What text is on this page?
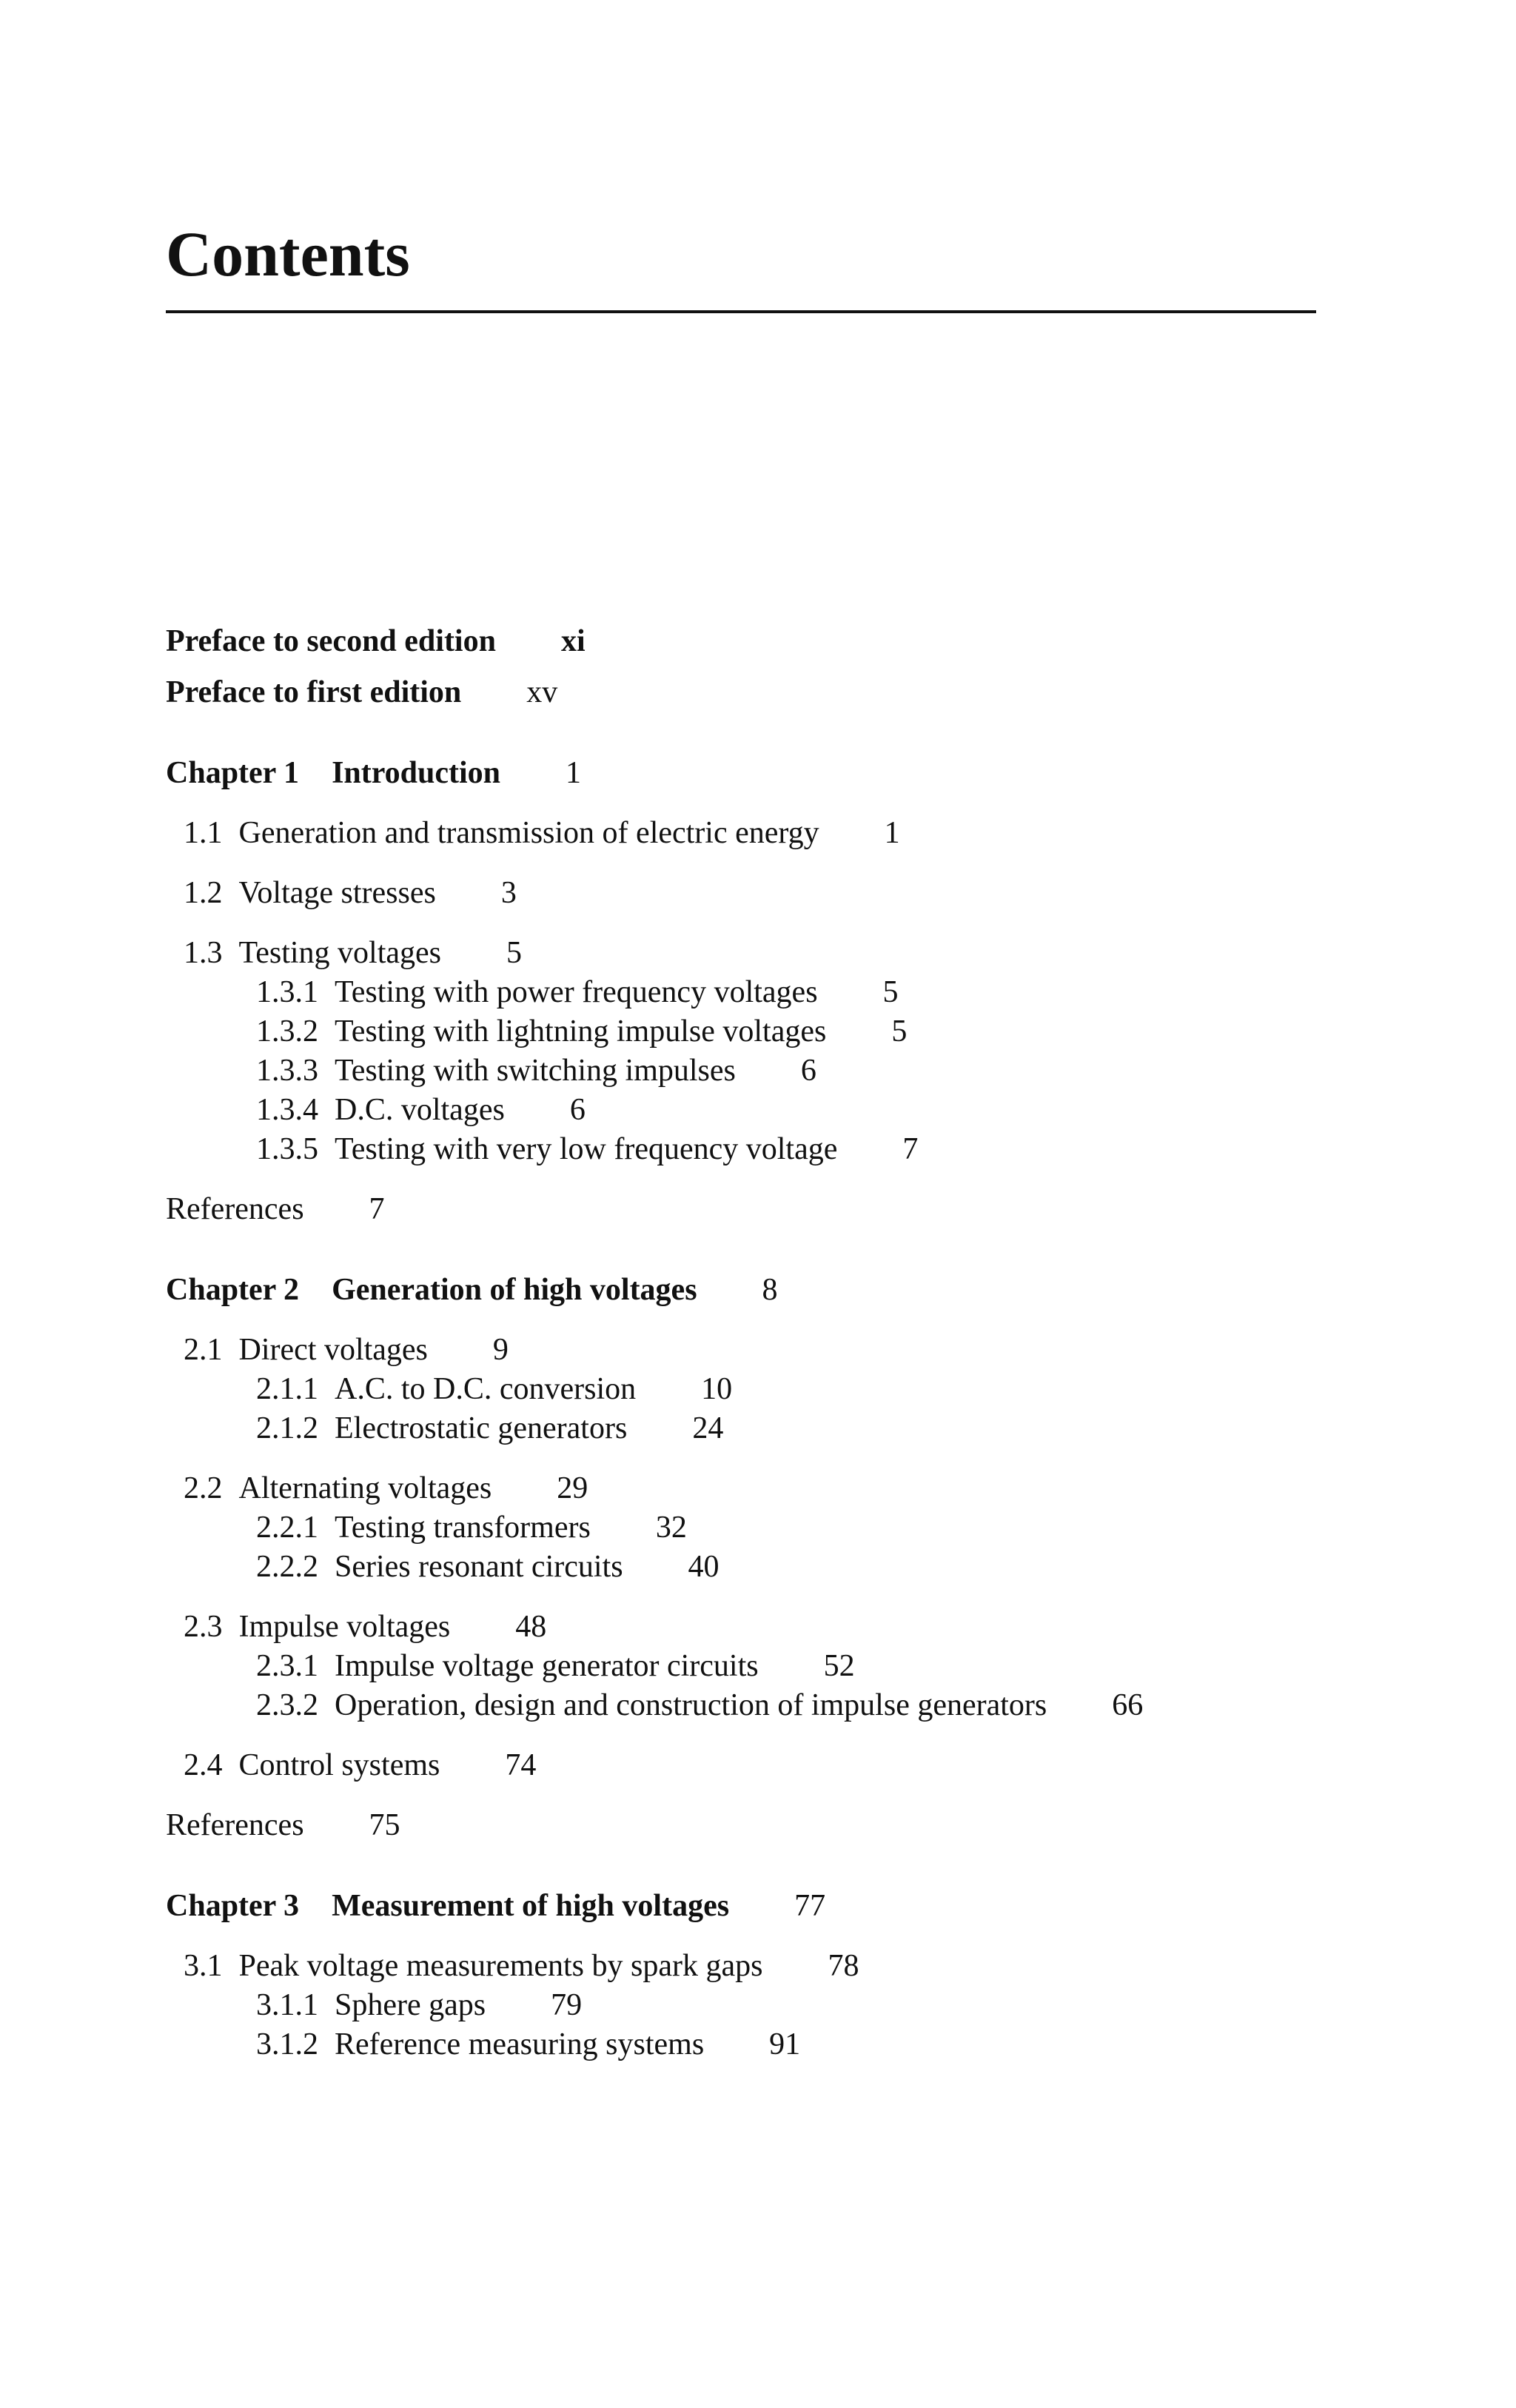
Contents
Preface to second edition xi
Preface to first edition xv
Chapter 1 Introduction 1
1.1 Generation and transmission of electric energy 1
1.2 Voltage stresses 3
1.3 Testing voltages 5
1.3.1 Testing with power frequency voltages 5
1.3.2 Testing with lightning impulse voltages 5
1.3.3 Testing with switching impulses 6
1.3.4 D.C. voltages 6
1.3.5 Testing with very low frequency voltage 7
References 7
Chapter 2 Generation of high voltages 8
2.1 Direct voltages 9
2.1.1 A.C. to D.C. conversion 10
2.1.2 Electrostatic generators 24
2.2 Alternating voltages 29
2.2.1 Testing transformers 32
2.2.2 Series resonant circuits 40
2.3 Impulse voltages 48
2.3.1 Impulse voltage generator circuits 52
2.3.2 Operation, design and construction of impulse generators 66
2.4 Control systems 74
References 75
Chapter 3 Measurement of high voltages 77
3.1 Peak voltage measurements by spark gaps 78
3.1.1 Sphere gaps 79
3.1.2 Reference measuring systems 91
